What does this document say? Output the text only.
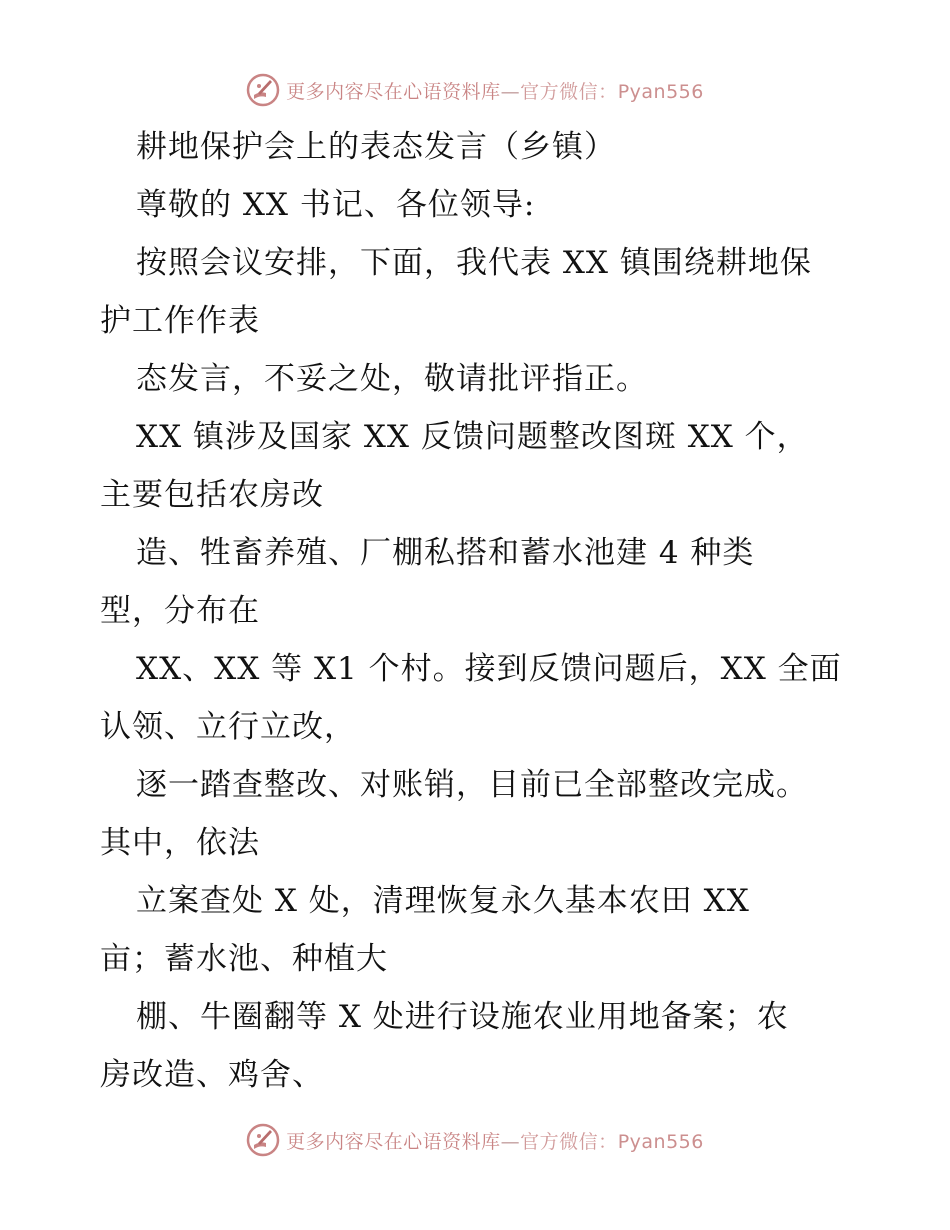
更多内容尽在心语资料库—官方微信：Pyan556
耕地保护会上的表态发言（乡镇）
尊敬的 XX 书记、各位领导:
按照会议安排，下面，我代表 XX 镇围绕耕地保
护工作作表
态发言，不妥之处，敬请批评指正。
XX 镇涉及国家 XX 反馈问题整改图斑 XX 个，
主要包括农房改
造、牲畜养殖、厂棚私搭和蓄水池建 4 种类
型，分布在
XX、XX 等 X1 个村。接到反馈问题后，XX 全面
认领、立行立改，
逐一踏查整改、对账销，目前已全部整改完成。
其中，依法
立案查处 X 处，清理恢复永久基本农田 XX
亩；蓄水池、种植大
棚、牛圈翻等 X 处进行设施农业用地备案；农
房改造、鸡舍、
更多内容尽在心语资料库—官方微信：Pyan556
